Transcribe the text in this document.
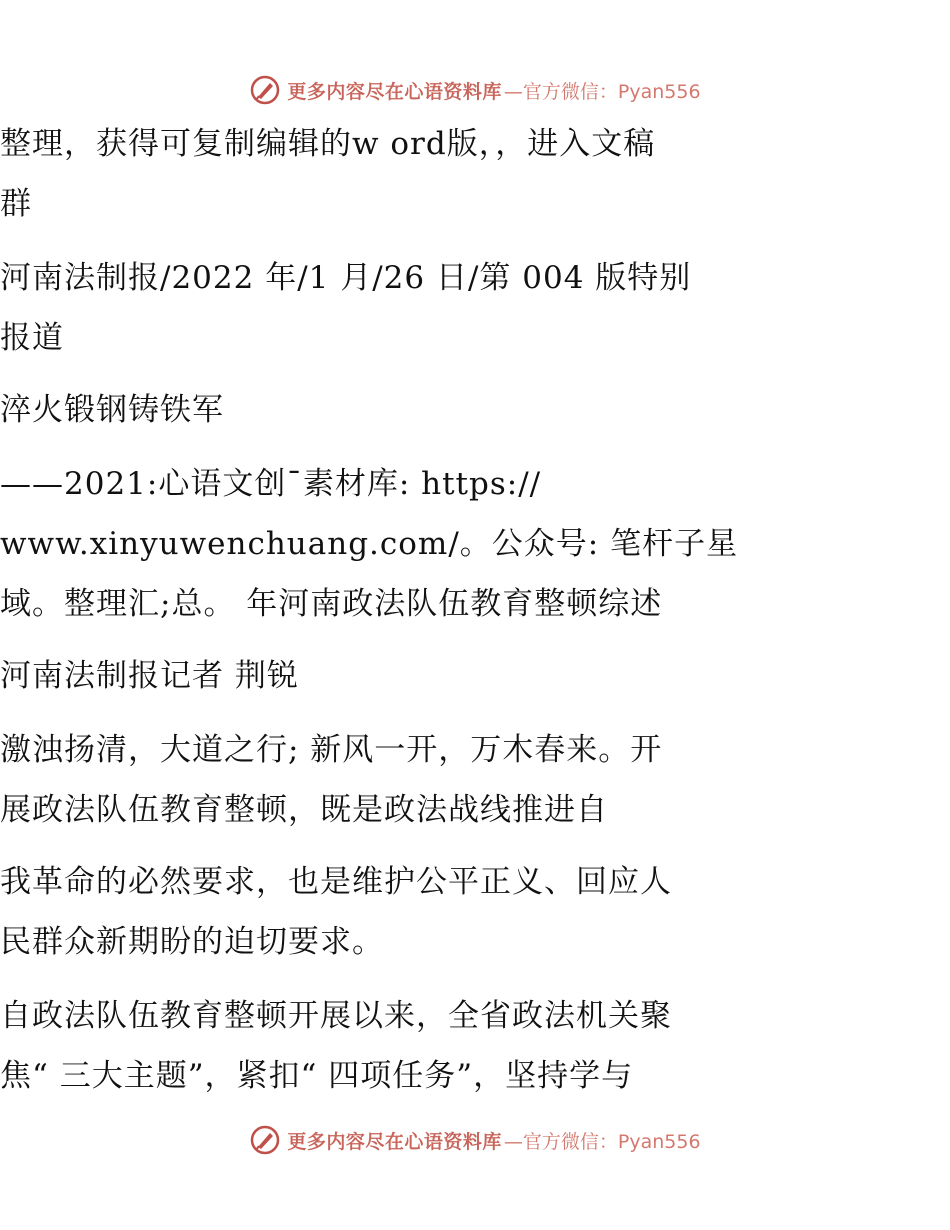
更多内容尽在心语资料库 —官方微信：Pyan556
整理，获得可复制编辑的w ord版，，进入文稿
群
河南法制报/2022 年/1 月/26 日/第 004 版特别
报道
淬火锻钢铸铁军
——2021:心语文创¯素材库: https://
www.xinyuwenchuang.com/。公众号: 笔杆子星
域。整理汇;总。 年河南政法队伍教育整顿综述
河南法制报记者 荆锐
激浊扬清，大道之行; 新风一开，万木春来。开
展政法队伍教育整顿，既是政法战线推进自
我革命的必然要求，也是维护公平正义、回应人
民群众新期盼的迫切要求。
自政法队伍教育整顿开展以来，全省政法机关聚
焦“ 三大主题”，紧扣“ 四项任务”，坚持学与
更多内容尽在心语资料库 —官方微信：Pyan556
